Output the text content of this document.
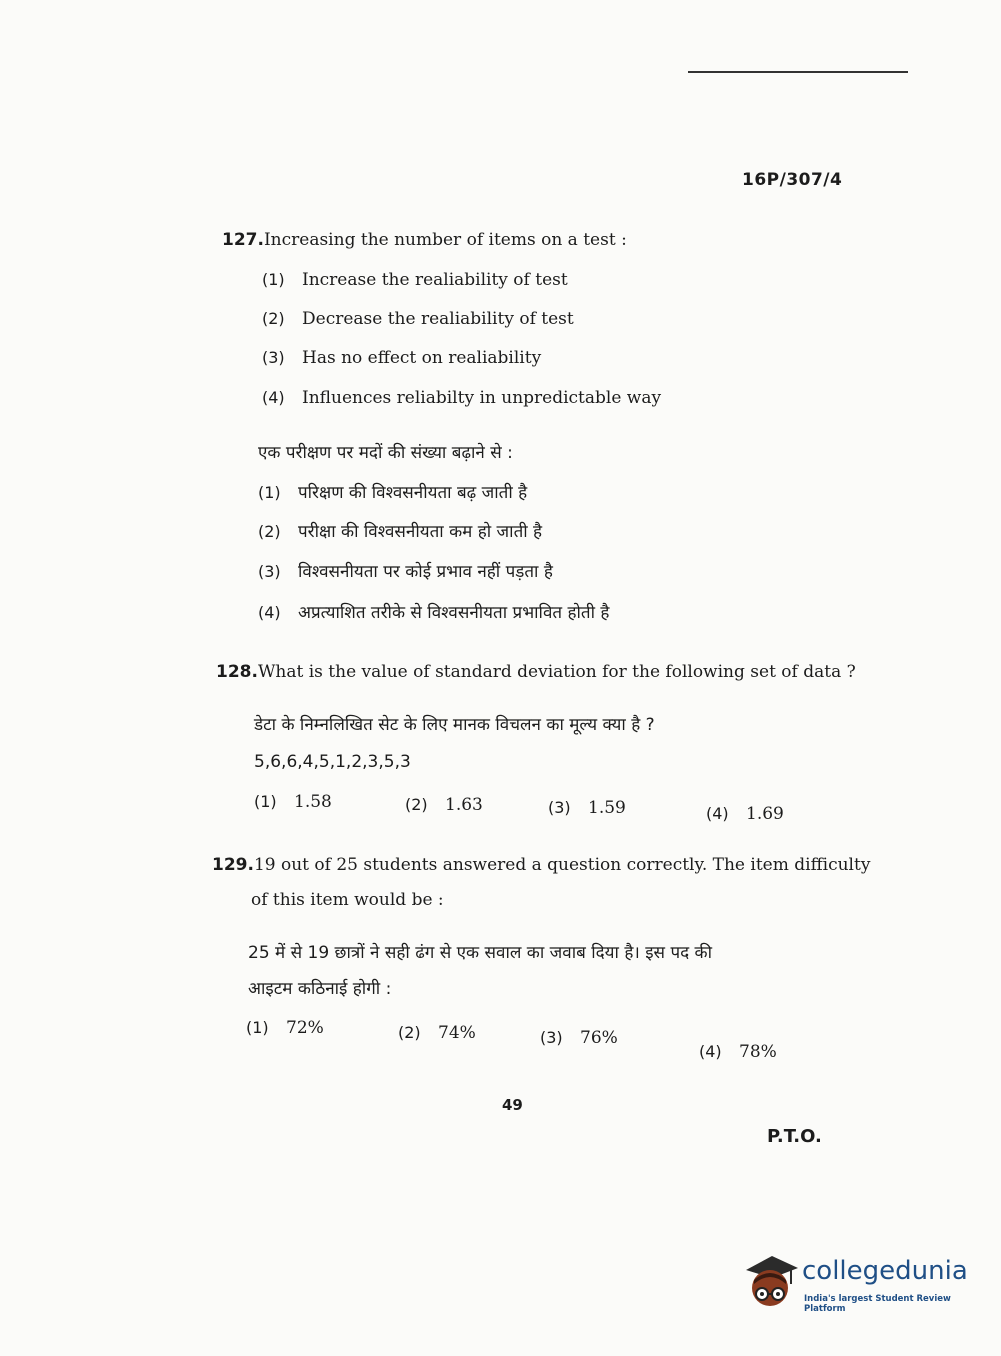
16P/307/4
127.Increasing the number of items on a test :
(1) Increase the realiability of test
(2) Decrease the realiability of test
(3) Has no effect on realiability
(4) Influences reliabilty in unpredictable way
एक परीक्षण पर मदों की संख्या बढ़ाने से :
(1) परिक्षण की विश्वसनीयता बढ़ जाती है
(2) परीक्षा की विश्वसनीयता कम हो जाती है
(3) विश्वसनीयता पर कोई प्रभाव नहीं पड़ता है
(4) अप्रत्याशित तरीके से विश्वसनीयता प्रभावित होती है
128.What is the value of standard deviation for the following set of data ?
डेटा के निम्नलिखित सेट के लिए मानक विचलन का मूल्य क्या है ?
5,6,6,4,5,1,2,3,5,3
(1) 1.58	(2) 1.63	(3) 1.59	(4) 1.69
129.19 out of 25 students answered a question correctly. The item difficulty
of this item would be :
25 में से 19 छात्रों ने सही ढंग से एक सवाल का जवाब दिया है। इस पद की
आइटम कठिनाई होगी :
(1) 72%	(2) 74%	(3) 76%
(4) 78%
49
P.T.O.
collegedunia
India's largest Student Review Platform
